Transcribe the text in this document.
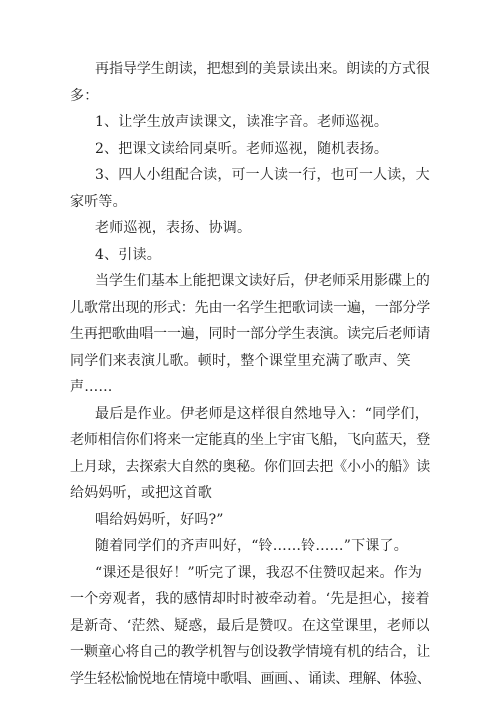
再指导学生朗读，把想到的美景读出来。朗读的方式很
多：
1、让学生放声读课文，读准字音。老师巡视。
2、把课文读给同桌听。老师巡视，随机表扬。
3、四人小组配合读，可一人读一行，也可一人读，大
家听等。
老师巡视，表扬、协调。
4、引读。
当学生们基本上能把课文读好后，伊老师采用影碟上的
儿歌常出现的形式：先由一名学生把歌词读一遍，一部分学
生再把歌曲唱一一遍，同时一部分学生表演。读完后老师请
同学们来表演儿歌。顿时，整个课堂里充满了歌声、笑
声……
最后是作业。伊老师是这样很自然地导入：“同学们，
老师相信你们将来一定能真的坐上宇宙飞船，飞向蓝天，登
上月球，去探索大自然的奥秘。你们回去把《小小的船》读
给妈妈听，或把这首歌
唱给妈妈听，好吗?”
随着同学们的齐声叫好，“铃……铃……”下课了。
“课还是很好！”听完了课，我忍不住赞叹起来。作为
一个旁观者，我的感情却时时被牵动着。‘先是担心，接着
是新奇、‘茫然、疑惑，最后是赞叹。在这堂课里，老师以
一颗童心将自己的教学机智与创设教学情境有机的结合，让
学生轻松愉悦地在情境中歌唱、画画、、诵读、理解、体验、
